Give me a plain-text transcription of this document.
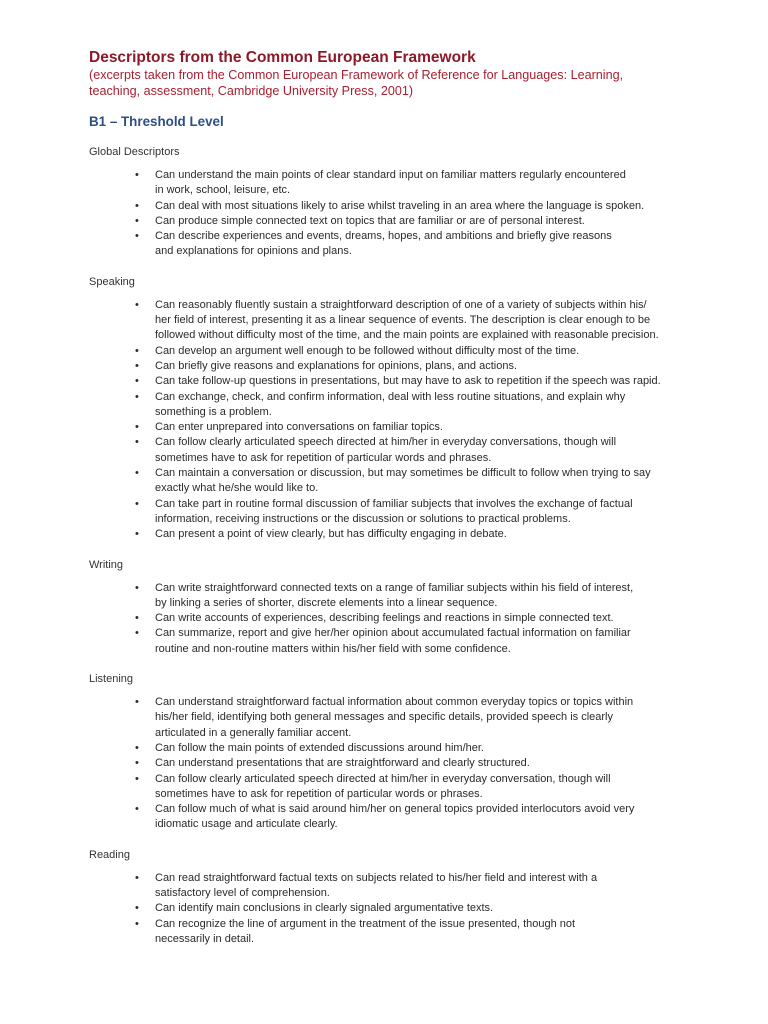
Descriptors from the Common European Framework

(excerpts taken from the Common European Framework of Reference for Languages: Learning,

teaching, assessment, Cambridge University Press, 2001)

B1 – Threshold Level
Global Descriptors
• Can understand the main points of clear standard input on familiar matters regularly encountered
in work, school, leisure, etc.
• Can deal with most situations likely to arise whilst traveling in an area where the language is spoken.
• Can produce simple connected text on topics that are familiar or are of personal interest.
• Can describe experiences and events, dreams, hopes, and ambitions and briefly give reasons
and explanations for opinions and plans.
Speaking
• Can reasonably fluently sustain a straightforward description of one of a variety of subjects within his/
her field of interest, presenting it as a linear sequence of events. The description is clear enough to be
followed without difficulty most of the time, and the main points are explained with reasonable precision.
• Can develop an argument well enough to be followed without difficulty most of the time.
• Can briefly give reasons and explanations for opinions, plans, and actions.
• Can take follow-up questions in presentations, but may have to ask to repetition if the speech was rapid.
• Can exchange, check, and confirm information, deal with less routine situations, and explain why
something is a problem.
• Can enter unprepared into conversations on familiar topics.
• Can follow clearly articulated speech directed at him/her in everyday conversations, though will
sometimes have to ask for repetition of particular words and phrases.
• Can maintain a conversation or discussion, but may sometimes be difficult to follow when trying to say
exactly what he/she would like to.
• Can take part in routine formal discussion of familiar subjects that involves the exchange of factual
information, receiving instructions or the discussion or solutions to practical problems.
• Can present a point of view clearly, but has difficulty engaging in debate.
Writing
• Can write straightforward connected texts on a range of familiar subjects within his field of interest,
by linking a series of shorter, discrete elements into a linear sequence.
• Can write accounts of experiences, describing feelings and reactions in simple connected text.
• Can summarize, report and give her/her opinion about accumulated factual information on familiar
routine and non-routine matters within his/her field with some confidence.
Listening
• Can understand straightforward factual information about common everyday topics or topics within
his/her field, identifying both general messages and specific details, provided speech is clearly
articulated in a generally familiar accent.
• Can follow the main points of extended discussions around him/her.
• Can understand presentations that are straightforward and clearly structured.
• Can follow clearly articulated speech directed at him/her in everyday conversation, though will
sometimes have to ask for repetition of particular words or phrases.
• Can follow much of what is said around him/her on general topics provided interlocutors avoid very
idiomatic usage and articulate clearly.
Reading
• Can read straightforward factual texts on subjects related to his/her field and interest with a
satisfactory level of comprehension.
• Can identify main conclusions in clearly signaled argumentative texts.
• Can recognize the line of argument in the treatment of the issue presented, though not
necessarily in detail.
